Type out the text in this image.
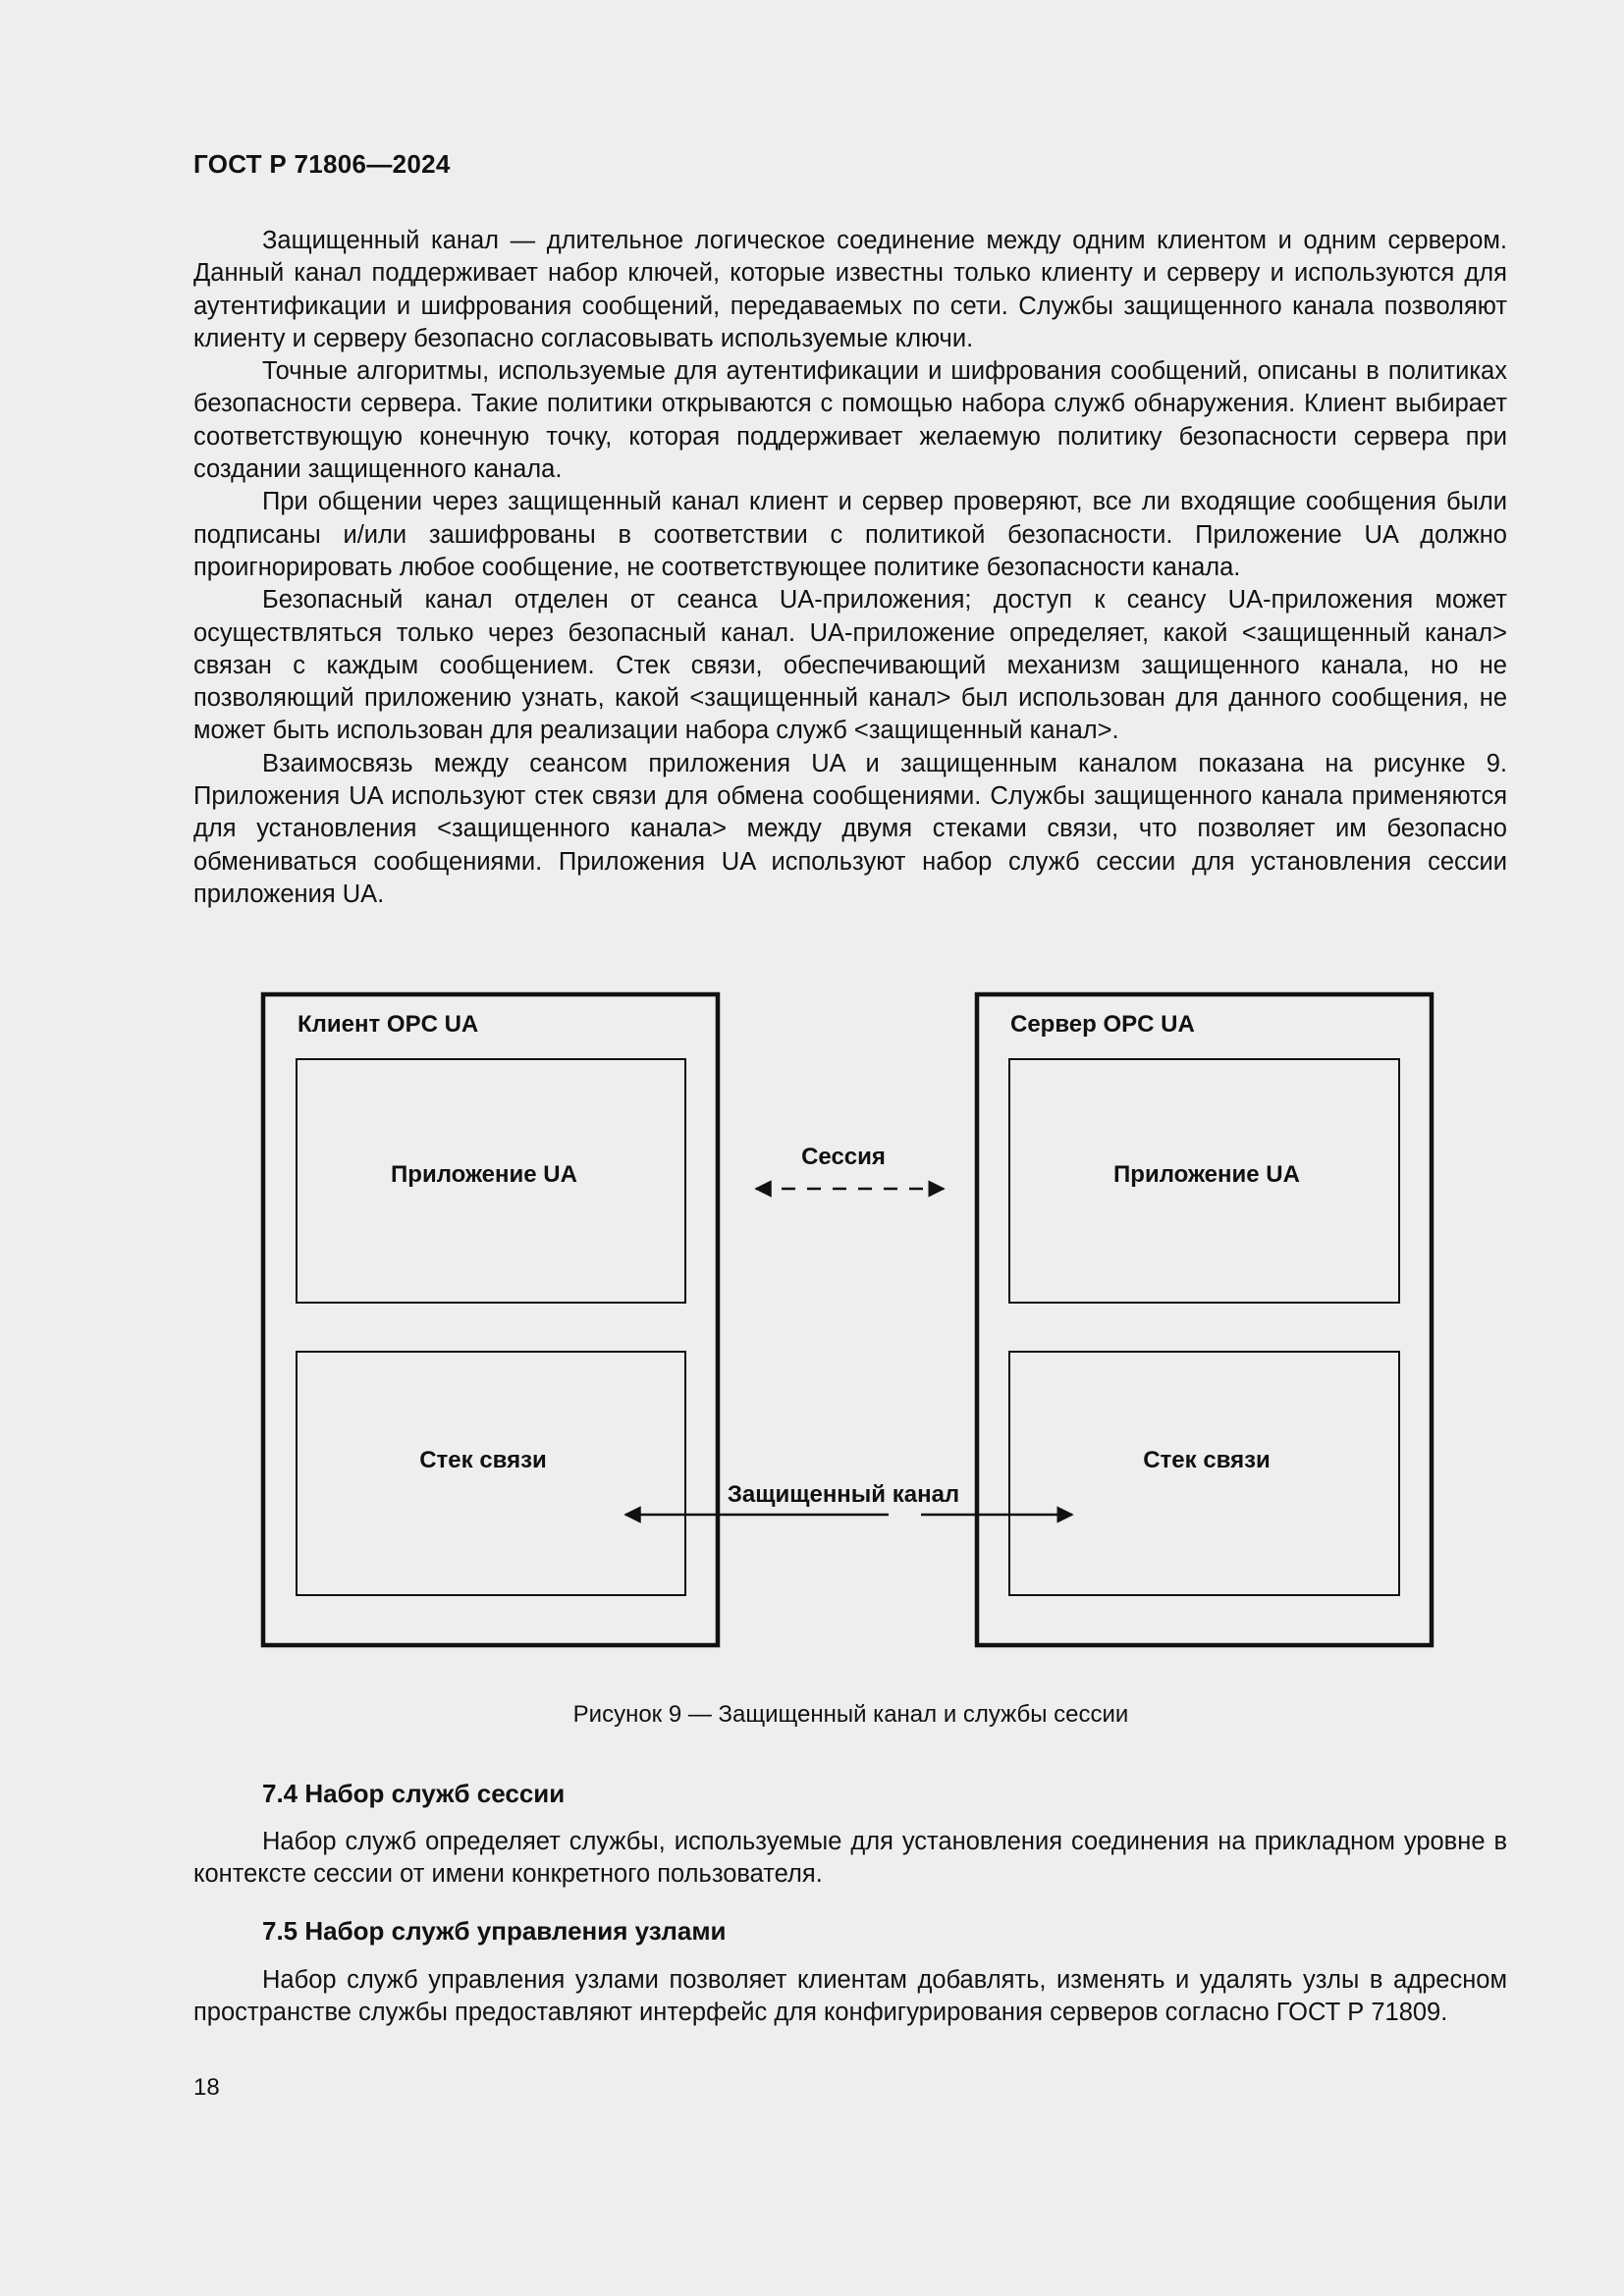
ГОСТ Р 71806—2024

Защищенный канал — длительное логическое соединение между одним клиентом и одним сервером. Данный канал поддерживает набор ключей, которые известны только клиенту и серверу и используются для аутентификации и шифрования сообщений, передаваемых по сети. Службы защищенного канала позволяют клиенту и серверу безопасно согласовывать используемые ключи.

Точные алгоритмы, используемые для аутентификации и шифрования сообщений, описаны в политиках безопасности сервера. Такие политики открываются с помощью набора служб обнаружения. Клиент выбирает соответствующую конечную точку, которая поддерживает желаемую политику безопасности сервера при создании защищенного канала.

При общении через защищенный канал клиент и сервер проверяют, все ли входящие сообщения были подписаны и/или зашифрованы в соответствии с политикой безопасности. Приложение UA должно проигнорировать любое сообщение, не соответствующее политике безопасности канала.

Безопасный канал отделен от сеанса UA-приложения; доступ к сеансу UA-приложения может осуществляться только через безопасный канал. UA-приложение определяет, какой <защищенный канал> связан с каждым сообщением. Стек связи, обеспечивающий механизм защищенного канала, но не позволяющий приложению узнать, какой <защищенный канал> был использован для данного сообщения, не может быть использован для реализации набора служб <защищенный канал>.

Взаимосвязь между сеансом приложения UA и защищенным каналом показана на рисунке 9. Приложения UA используют стек связи для обмена сообщениями. Службы защищенного канала применяются для установления <защищенного канала> между двумя стеками связи, что позволяет им безопасно обмениваться сообщениями. Приложения UA используют набор служб сессии для установления сессии приложения UA.

Клиент OPC UA
Приложение UA
Стек связи
Сервер OPC UA
Приложение UA
Стек связи
Сессия
Защищенный канал
Рисунок 9 — Защищенный канал и службы сессии
7.4 Набор служб сессии

Набор служб определяет службы, используемые для установления соединения на прикладном уровне в контексте сессии от имени конкретного пользователя.

7.5 Набор служб управления узлами

Набор служб управления узлами позволяет клиентам добавлять, изменять и удалять узлы в адресном пространстве службы предоставляют интерфейс для конфигурирования серверов согласно ГОСТ Р 71809.

18
